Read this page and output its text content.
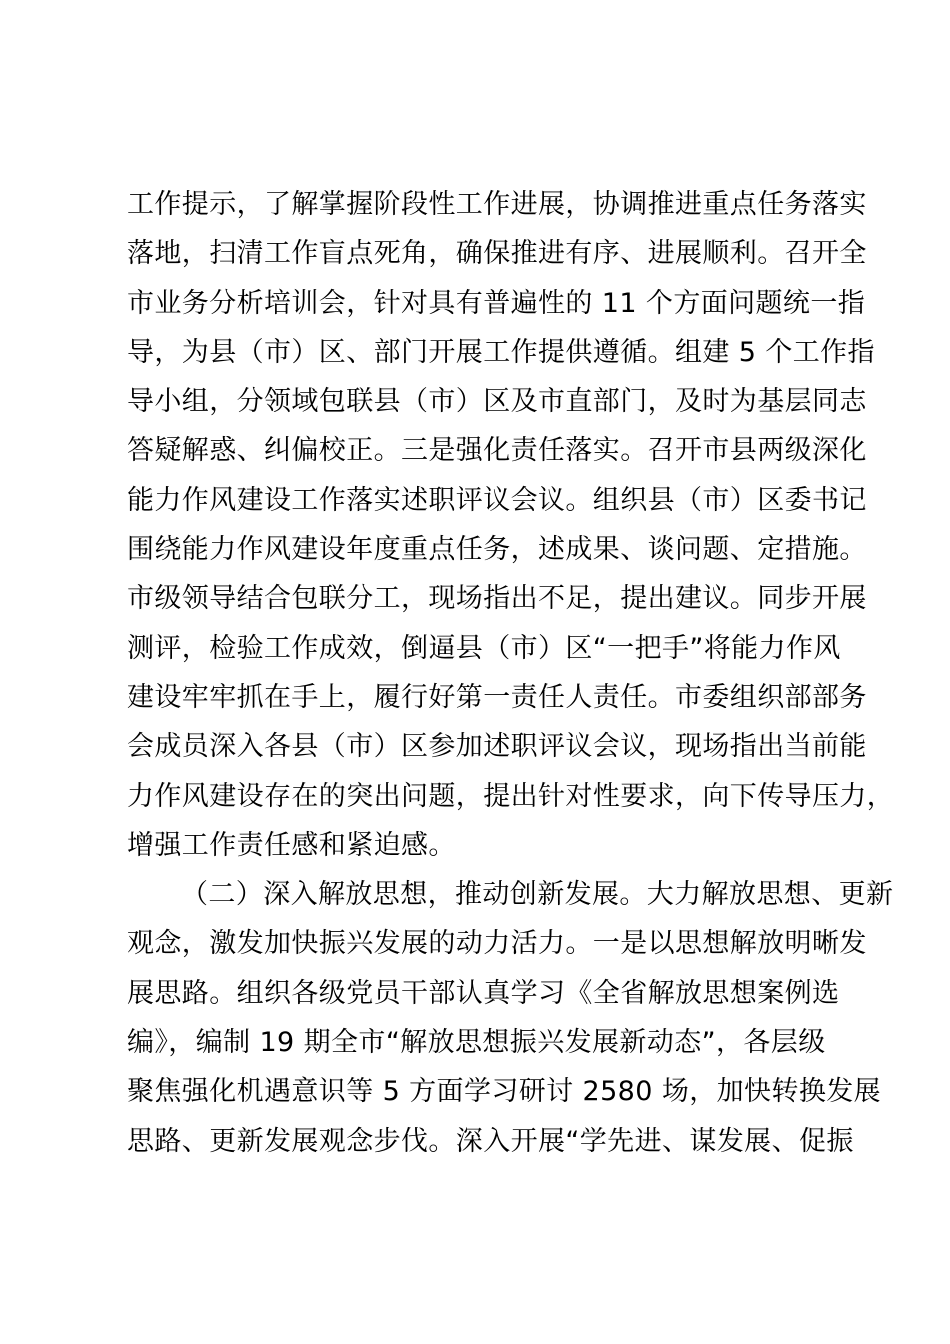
工作提示，了解掌握阶段性工作进展，协调推进重点任务落实
落地，扫清工作盲点死角，确保推进有序、进展顺利。召开全
市业务分析培训会，针对具有普遍性的 11 个方面问题统一指
导，为县（市）区、部门开展工作提供遵循。组建 5 个工作指
导小组，分领域包联县（市）区及市直部门，及时为基层同志
答疑解惑、纠偏校正。三是强化责任落实。召开市县两级深化
能力作风建设工作落实述职评议会议。组织县（市）区委书记
围绕能力作风建设年度重点任务，述成果、谈问题、定措施。
市级领导结合包联分工，现场指出不足，提出建议。同步开展
测评，检验工作成效，倒逼县（市）区“一把手”将能力作风
建设牢牢抓在手上，履行好第一责任人责任。市委组织部部务
会成员深入各县（市）区参加述职评议会议，现场指出当前能
力作风建设存在的突出问题，提出针对性要求，向下传导压力，
增强工作责任感和紧迫感。
（二）深入解放思想，推动创新发展。大力解放思想、更新
观念，激发加快振兴发展的动力活力。一是以思想解放明晰发
展思路。组织各级党员干部认真学习《全省解放思想案例选
编》，编制 19 期全市“解放思想振兴发展新动态”，各层级
聚焦强化机遇意识等 5 方面学习研讨 2580 场，加快转换发展
思路、更新发展观念步伐。深入开展“学先进、谋发展、促振
